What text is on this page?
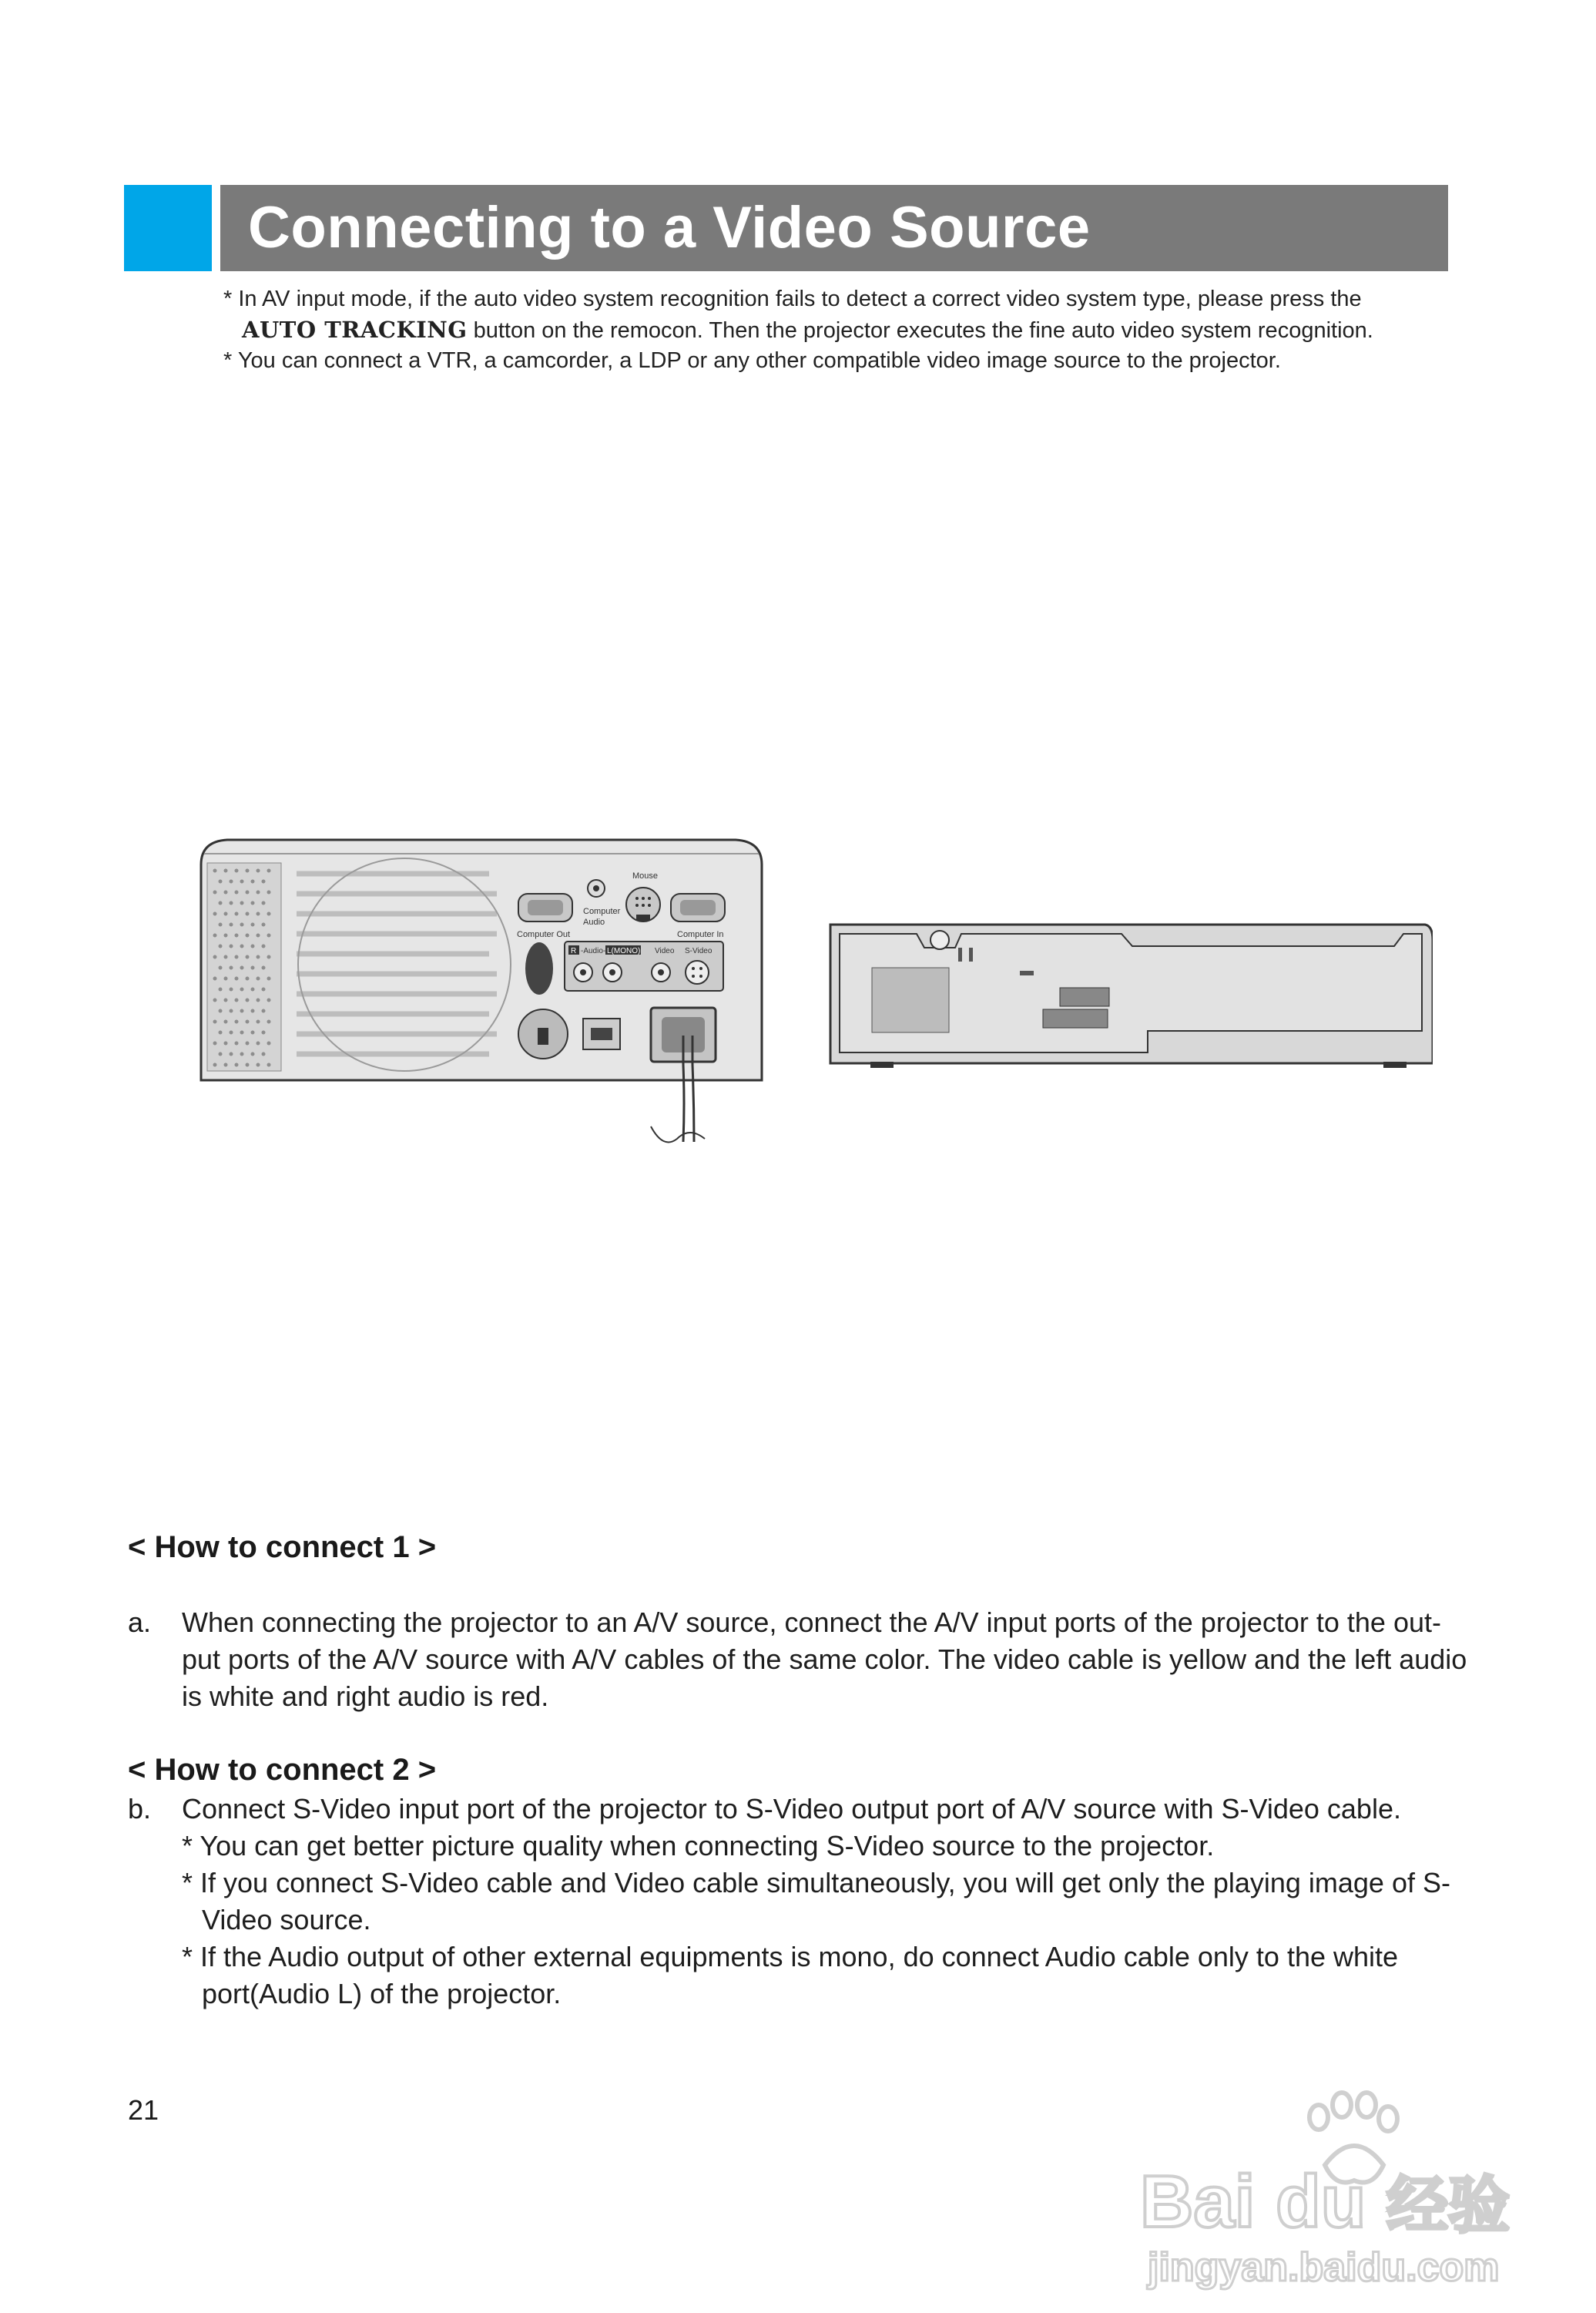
Connecting to a Video Source
* In AV input mode, if the auto video system recognition fails to detect a correct video system type, please press the
AUTO TRACKING button on the remocon. Then the projector executes the fine auto video system recognition.
* You can connect a VTR, a camcorder, a LDP or any other compatible video image source to the projector.
Computer Out
Computer
Audio
Mouse
Computer In
R -Audio- L(MONO) Video S-Video
< How to connect 1 >
a. When connecting the projector to an A/V source, connect the A/V input ports of the projector to the out-
put ports of the A/V source with A/V cables of the same color. The video cable is yellow and the left audio
is white and right audio is red.
< How to connect 2 >
b. Connect S-Video input port of the projector to S-Video output port of A/V source with S-Video cable.
* You can get better picture quality when connecting S-Video source to the projector.
* If you connect S-Video cable and Video cable simultaneously, you will get only the playing image of S-
Video source.
* If the Audio output of other external equipments is mono, do connect Audio cable only to the white
port(Audio L) of the projector.
21
Bai du 经验
jingyan.baidu.com
